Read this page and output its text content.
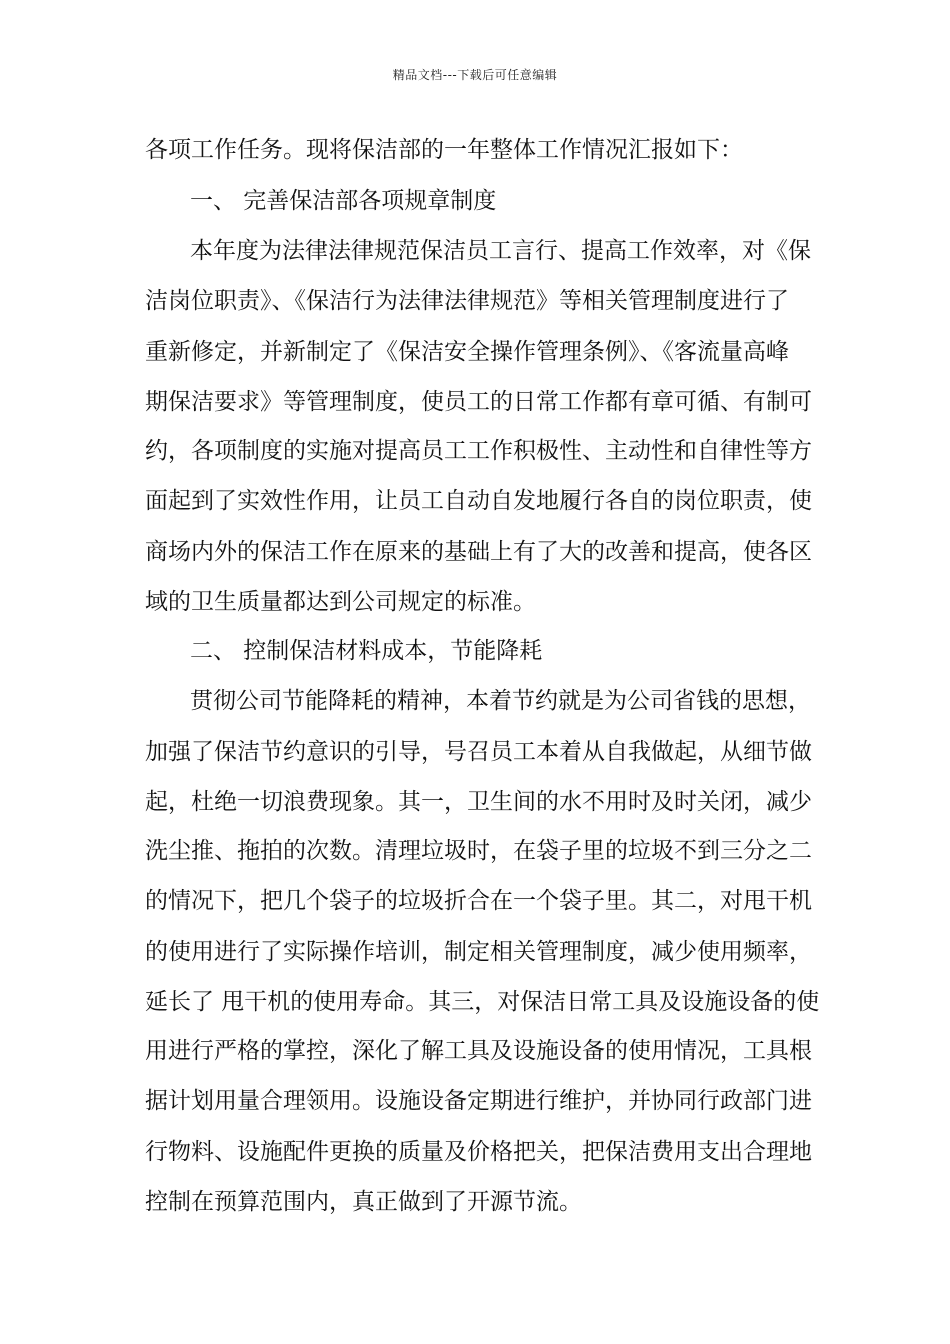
精品文档---下载后可任意编辑
各项工作任务。现将保洁部的一年整体工作情况汇报如下：
一、 完善保洁部各项规章制度
本年度为法律法律规范保洁员工言行、提高工作效率，对《保
洁岗位职责》、《保洁行为法律法律规范》等相关管理制度进行了
重新修定，并新制定了《保洁安全操作管理条例》、《客流量高峰
期保洁要求》等管理制度，使员工的日常工作都有章可循、有制可
约，各项制度的实施对提高员工工作积极性、主动性和自律性等方
面起到了实效性作用，让员工自动自发地履行各自的岗位职责，使
商场内外的保洁工作在原来的基础上有了大的改善和提高，使各区
域的卫生质量都达到公司规定的标准。
二、 控制保洁材料成本，节能降耗
贯彻公司节能降耗的精神，本着节约就是为公司省钱的思想，
加强了保洁节约意识的引导，号召员工本着从自我做起，从细节做
起，杜绝一切浪费现象。其一，卫生间的水不用时及时关闭，减少
洗尘推、拖拍的次数。清理垃圾时，在袋子里的垃圾不到三分之二
的情况下，把几个袋子的垃圾折合在一个袋子里。其二，对甩干机
的使用进行了实际操作培训，制定相关管理制度，减少使用频率，
延长了 甩干机的使用寿命。其三，对保洁日常工具及设施设备的使
用进行严格的掌控，深化了解工具及设施设备的使用情况，工具根
据计划用量合理领用。设施设备定期进行维护，并协同行政部门进
行物料、设施配件更换的质量及价格把关，把保洁费用支出合理地
控制在预算范围内，真正做到了开源节流。
